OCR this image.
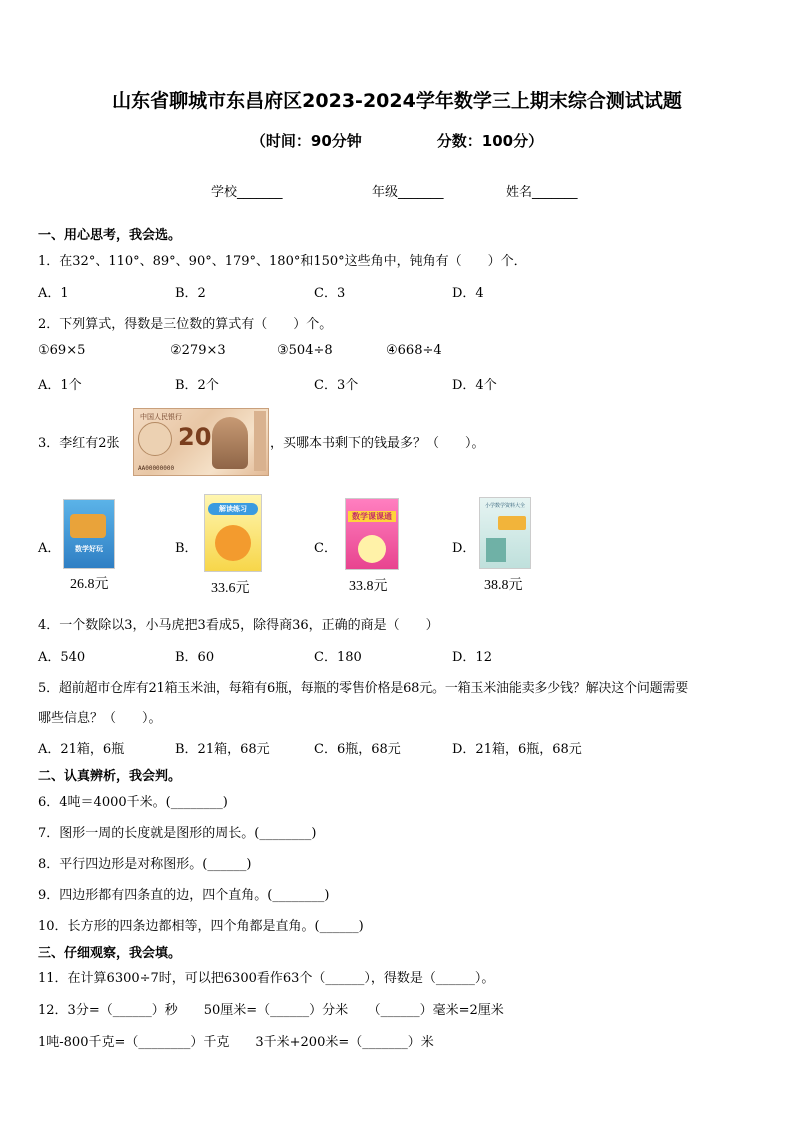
山东省聊城市东昌府区2023-2024学年数学三上期末综合测试试题
（时间：90分钟　　　　　分数：100分）
学校_______	年级_______	姓名_______
一、用心思考，我会选。
1．在32°、110°、89°、90°、179°、180°和150°这些角中，钝角有（　　）个．
A．1	B．2	C．3	D．4
2．下列算式，得数是三位数的算式有（　　）个。
①69×5	②279×3	③504÷8	④668÷4
A．1个	B．2个	C．3个	D．4个
3．李红有2张
中国人民银行
20
AA00000000
，买哪本书剩下的钱最多？（　　）。
A．	数学好玩
26.8元
B．
解读练习
33.6元
C．
数学课课通
33.8元
D．
小学数学资料大全
38.8元
4．一个数除以3，小马虎把3看成5，除得商36，正确的商是（　　）
A．540	B．60	C．180	D．12
5．超前超市仓库有21箱玉米油，每箱有6瓶，每瓶的零售价格是68元。一箱玉米油能卖多少钱？解决这个问题需要
哪些信息？（　　）。
A．21箱，6瓶	B．21箱，68元	C．6瓶，68元	D．21箱，6瓶，68元
二、认真辨析，我会判。
6．4吨＝4000千米。(________)
7．图形一周的长度就是图形的周长。(________)
8．平行四边形是对称图形。(______)
9．四边形都有四条直的边，四个直角。(________)
10．长方形的四条边都相等，四个角都是直角。(______)
三、仔细观察，我会填。
11．在计算6300÷7时，可以把6300看作63个（______），得数是（______）。
12．3分=（______）秒　　50厘米=（______）分米　　（______）毫米=2厘米
1吨-800千克=（________）千克　　3千米+200米=（_______）米
